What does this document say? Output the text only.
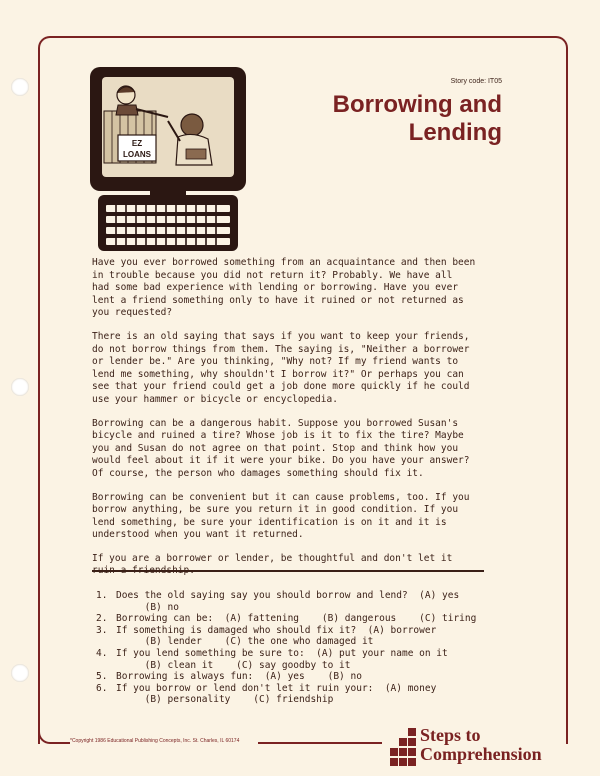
*Copyright 1986 Educational Publishing Concepts, Inc. St. Charles, IL 60174
EZ
LOANS
Story code: IT05
Borrowing and
Lending

Have you ever borrowed something from an acquaintance and then been
in trouble because you did not return it? Probably. We have all
had some bad experience with lending or borrowing. Have you ever
lent a friend something only to have it ruined or not returned as
you requested?

There is an old saying that says if you want to keep your friends,
do not borrow things from them. The saying is, "Neither a borrower
or lender be." Are you thinking, "Why not? If my friend wants to
lend me something, why shouldn't I borrow it?" Or perhaps you can
see that your friend could get a job done more quickly if he could
use your hammer or bicycle or encyclopedia.

Borrowing can be a dangerous habit. Suppose you borrowed Susan's
bicycle and ruined a tire? Whose job is it to fix the tire? Maybe
you and Susan do not agree on that point. Stop and think how you
would feel about it if it were your bike. Do you have your answer?
Of course, the person who damages something should fix it.

Borrowing can be convenient but it can cause problems, too. If you
borrow anything, be sure you return it in good condition. If you
lend something, be sure your identification is on it and it is
understood when you want it returned.

If you are a borrower or lender, be thoughtful and don't let it

1. Does the old saying say you should borrow and lend?  (A) yes
(B) no
2. Borrowing can be:  (A) fattening    (B) dangerous    (C) tiring
3. If something is damaged who should fix it?  (A) borrower
(B) lender    (C) the one who damaged it
4. If you lend something be sure to:  (A) put your name on it
(B) clean it    (C) say goodby to it
5. Borrowing is always fun:  (A) yes    (B) no
6. If you borrow or lend don't let it ruin your:  (A) money
(B) personality    (C) friendship
Steps to
Comprehension
